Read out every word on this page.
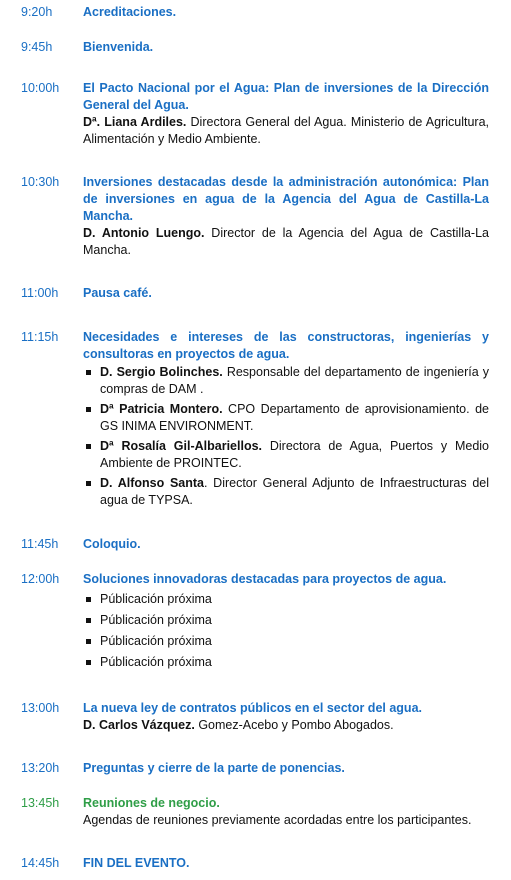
9:20h Acreditaciones.
9:45h Bienvenida.
10:00h El Pacto Nacional por el Agua: Plan de inversiones de la Dirección General del Agua.
Dª. Liana Ardiles. Directora General del Agua. Ministerio de Agricultura, Alimentación y Medio Ambiente.
10:30h Inversiones destacadas desde la administración autonómica: Plan de inversiones en agua de la Agencia del Agua de Castilla-La Mancha.
D. Antonio Luengo. Director de la Agencia del Agua de Castilla-La Mancha.
11:00h Pausa café.
11:15h Necesidades e intereses de las constructoras, ingenierías y consultoras en proyectos de agua.
D. Sergio Bolinches. Responsable del departamento de ingeniería y compras de DAM .
Dª Patricia Montero. CPO Departamento de aprovisionamiento. de GS INIMA ENVIRONMENT.
Dª Rosalía Gil-Albariellos. Directora de Agua, Puertos y Medio Ambiente de PROINTEC.
D. Alfonso Santa. Director General Adjunto de Infraestructuras del agua de TYPSA.
11:45h Coloquio.
12:00h Soluciones innovadoras destacadas para proyectos de agua.
Públicación próxima
Públicación próxima
Públicación próxima
Públicación próxima
13:00h La nueva ley de contratos públicos en el sector del agua.
D. Carlos Vázquez. Gomez-Acebo y Pombo Abogados.
13:20h Preguntas y cierre de la parte de ponencias.
13:45h Reuniones de negocio.
Agendas de reuniones previamente acordadas entre los participantes.
14:45h FIN DEL EVENTO.
